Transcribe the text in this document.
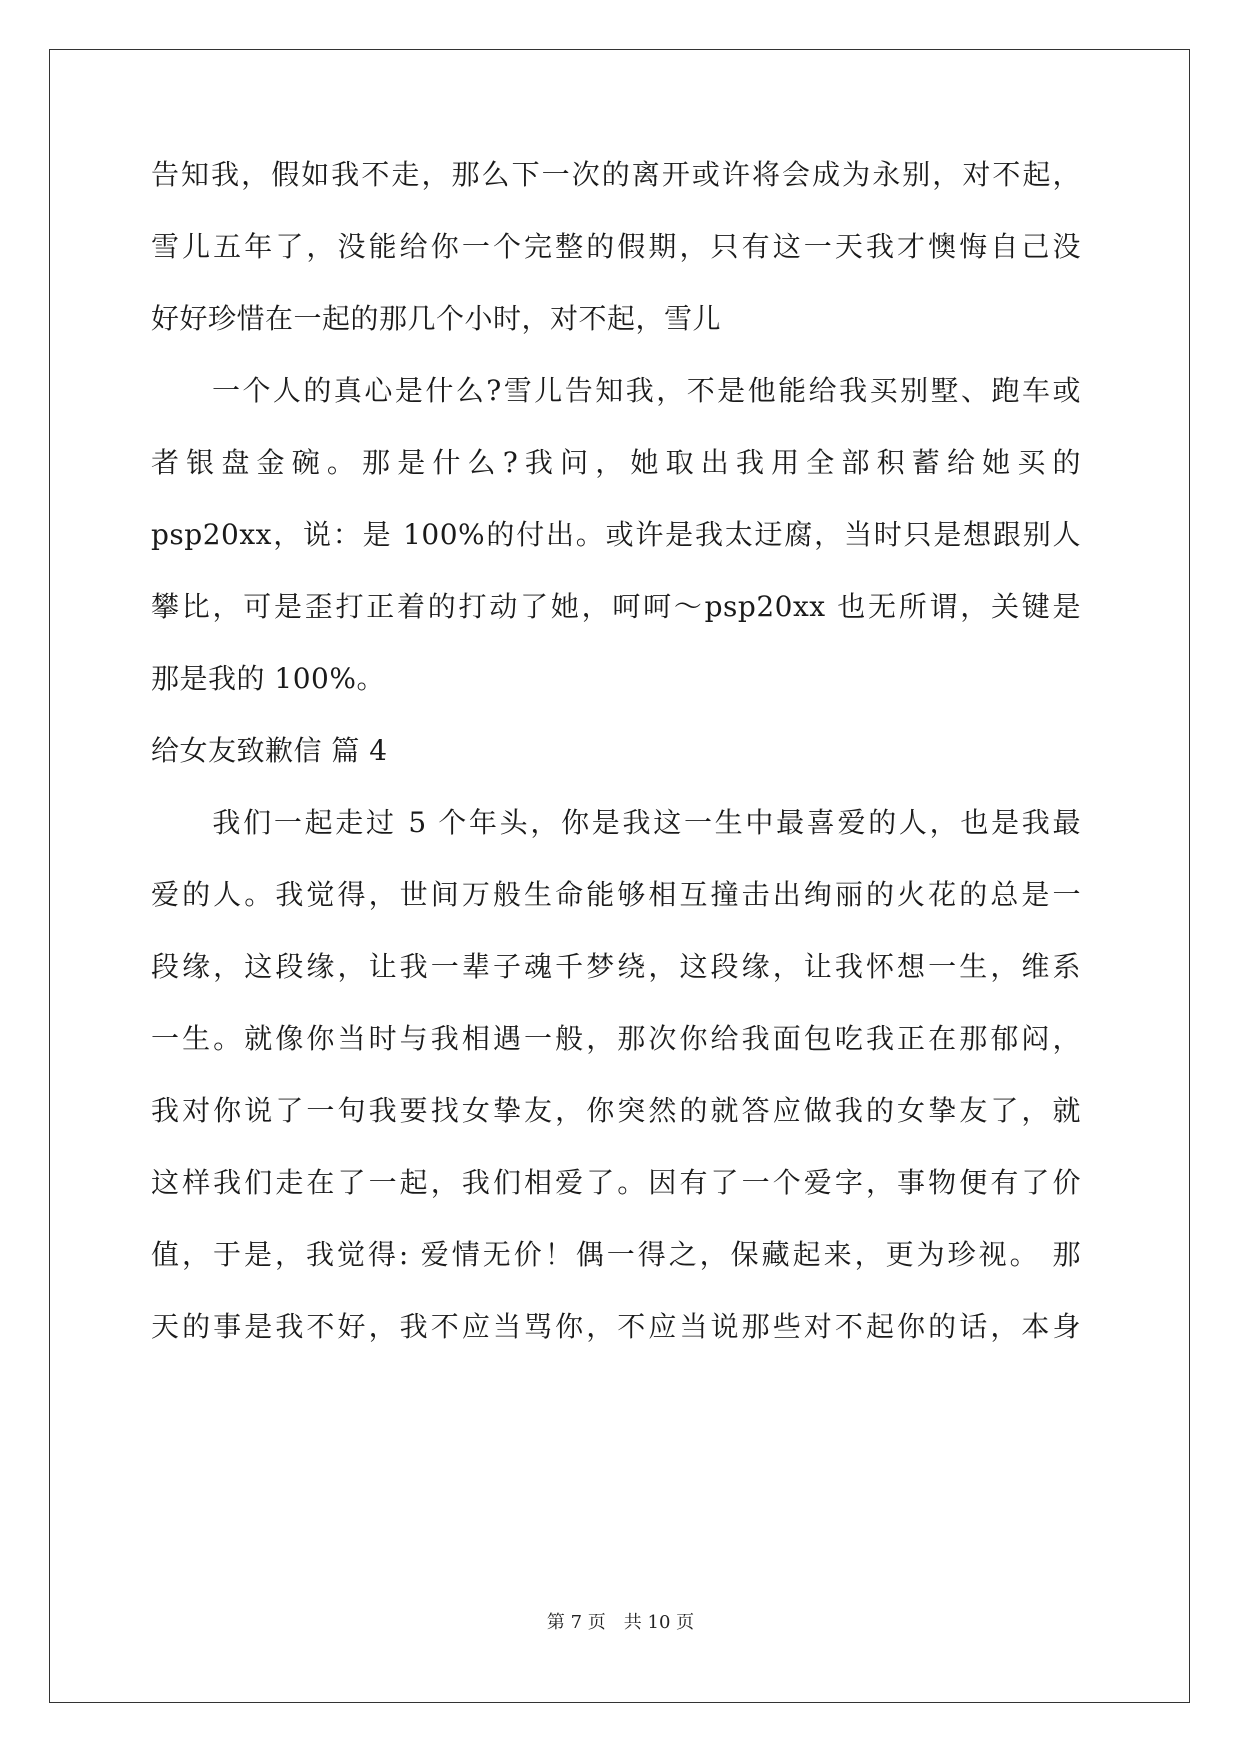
告知我，假如我不走，那么下一次的离开或许将会成为永别，对不起，
雪儿五年了，没能给你一个完整的假期，只有这一天我才懊悔自己没
好好珍惜在一起的那几个小时，对不起，雪儿
　　一个人的真心是什么?雪儿告知我，不是他能给我买别墅、跑车或
者银盘金碗。那是什么?我问，她取出我用全部积蓄给她买的
psp20xx，说：是 100%的付出。或许是我太迂腐，当时只是想跟别人
攀比，可是歪打正着的打动了她，呵呵～psp20xx 也无所谓，关键是
那是我的 100%。
给女友致歉信 篇 4
　　我们一起走过 5 个年头，你是我这一生中最喜爱的人，也是我最
爱的人。我觉得，世间万般生命能够相互撞击出绚丽的火花的总是一
段缘，这段缘，让我一辈子魂千梦绕，这段缘，让我怀想一生，维系
一生。就像你当时与我相遇一般，那次你给我面包吃我正在那郁闷，
我对你说了一句我要找女挚友，你突然的就答应做我的女挚友了，就
这样我们走在了一起，我们相爱了。因有了一个爱字，事物便有了价
值，于是，我觉得: 爱情无价！偶一得之，保藏起来，更为珍视。 那
天的事是我不好，我不应当骂你，不应当说那些对不起你的话，本身
第 7 页　共 10 页
